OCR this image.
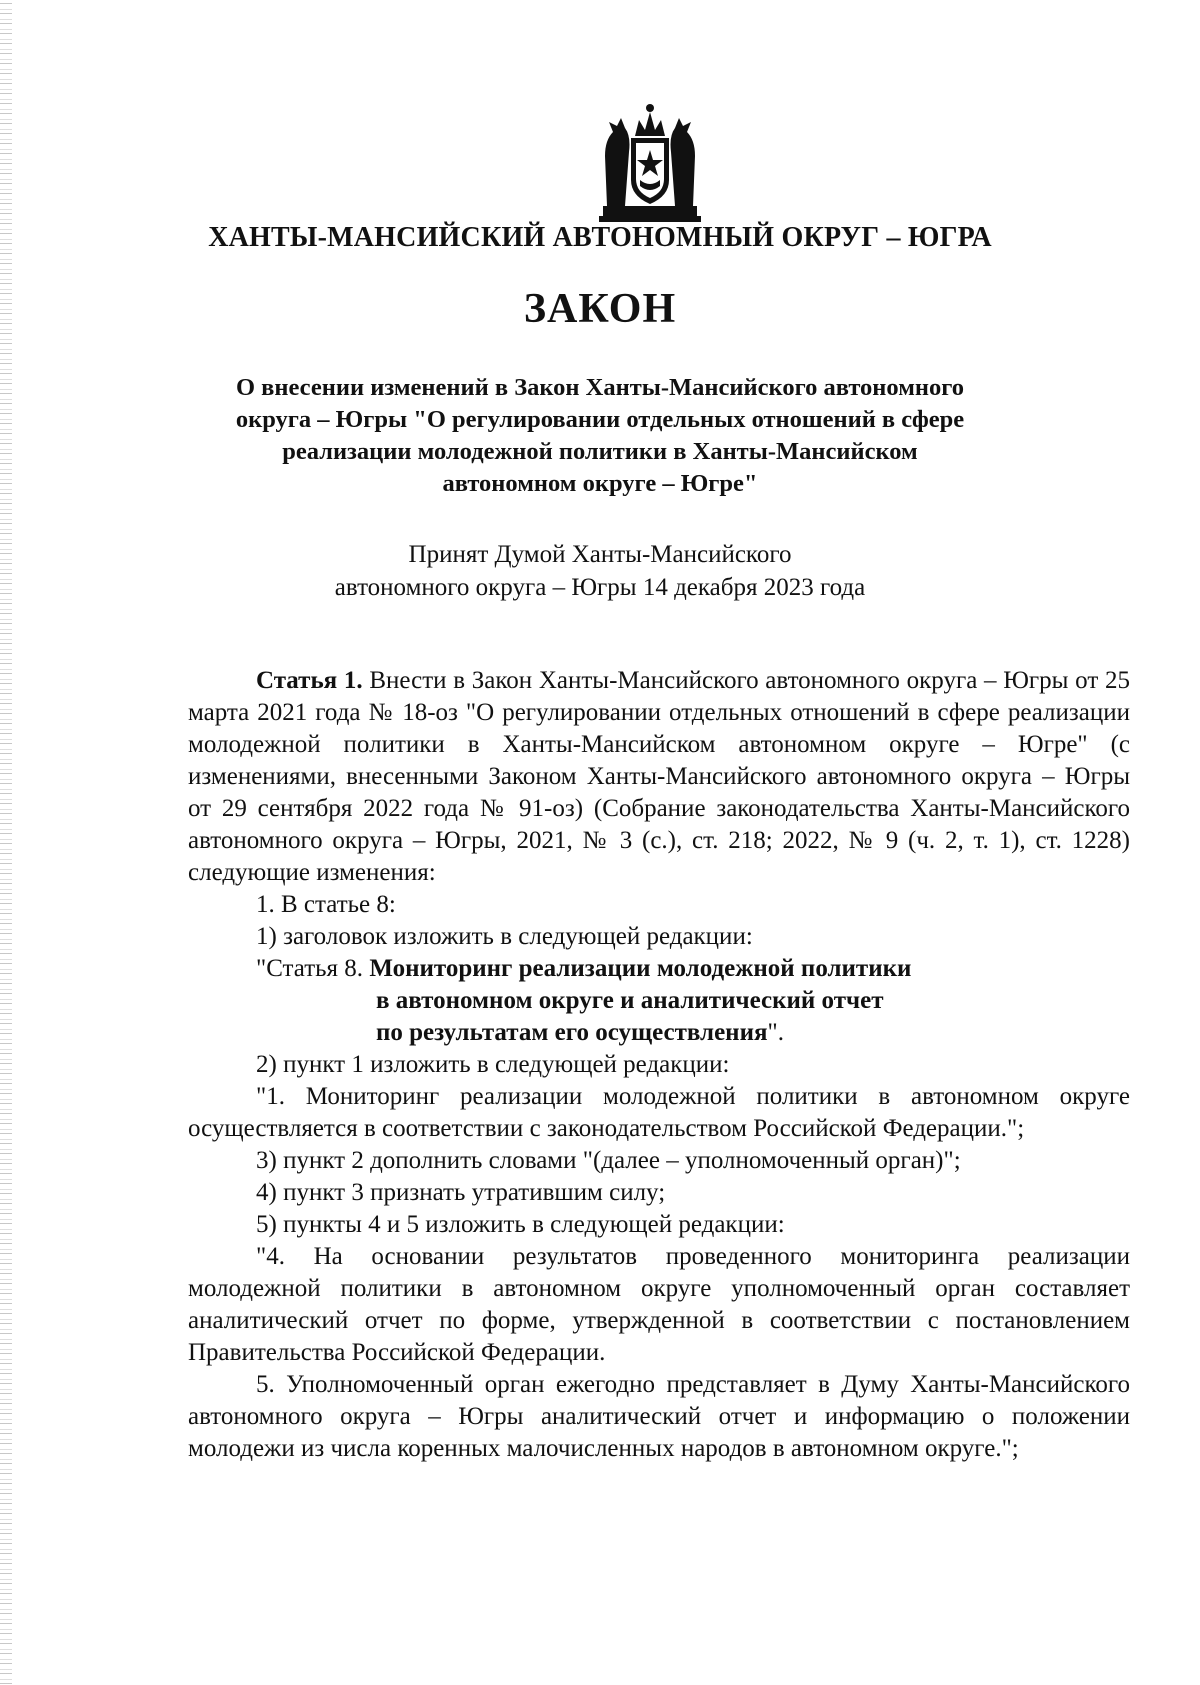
ХАНТЫ-МАНСИЙСКИЙ АВТОНОМНЫЙ ОКРУГ – ЮГРА
ЗАКОН
О внесении изменений в Закон Ханты-Мансийского автономного
округа – Югры "О регулировании отдельных отношений в сфере
реализации молодежной политики в Ханты-Мансийском
автономном округе – Югре"
Принят Думой Ханты-Мансийского
автономного округа – Югры 14 декабря 2023 года

Статья 1. Внести в Закон Ханты-Мансийского автономного округа – Югры от 25 марта 2021 года № 18-оз "О регулировании отдельных отношений в сфере реализации молодежной политики в Ханты-Мансийском автономном округе – Югре" (с изменениями, внесенными Законом Ханты-Мансийского автономного округа – Югры от 29 сентября 2022 года № 91-оз) (Собрание законодательства Ханты-Мансийского автономного округа – Югры, 2021, № 3 (с.), ст. 218; 2022, № 9 (ч. 2, т. 1), ст. 1228) следующие изменения:

1. В статье 8:

1) заголовок изложить в следующей редакции:

"Статья 8. Мониторинг реализации молодежной политики
в автономном округе и аналитический отчет
по результатам его осуществления".

2) пункт 1 изложить в следующей редакции:

"1. Мониторинг реализации молодежной политики в автономном округе осуществляется в соответствии с законодательством Российской Федерации.";

3) пункт 2 дополнить словами "(далее – уполномоченный орган)";

4) пункт 3 признать утратившим силу;

5) пункты 4 и 5 изложить в следующей редакции:

"4. На основании результатов проведенного мониторинга реализации молодежной политики в автономном округе уполномоченный орган составляет аналитический отчет по форме, утвержденной в соответствии с постановлением Правительства Российской Федерации.

5. Уполномоченный орган ежегодно представляет в Думу Ханты-Мансийского автономного округа – Югры аналитический отчет и информацию о положении молодежи из числа коренных малочисленных народов в автономном округе.";
